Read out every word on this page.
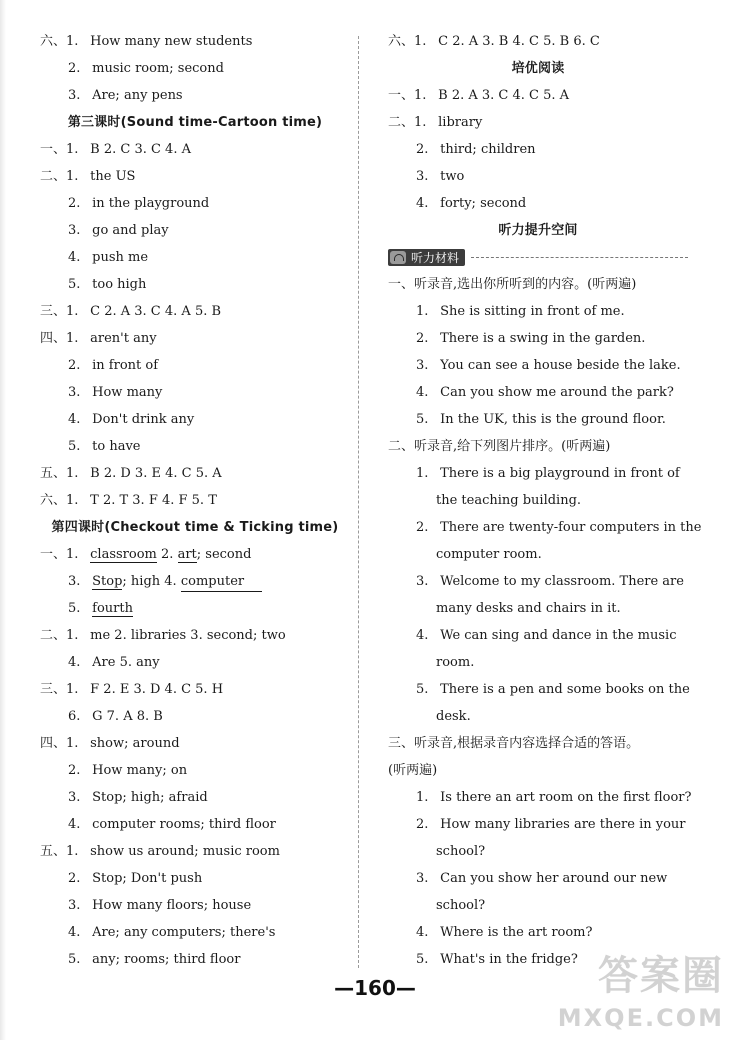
六、1. How many new students
2. music room; second
3. Are; any pens
第三课时(Sound time-Cartoon time)
一、1. B 2. C 3. C 4. A
二、1. the US
2. in the playground
3. go and play
4. push me
5. too high
三、1. C 2. A 3. C 4. A 5. B
四、1. aren't any
2. in front of
3. How many
4. Don't drink any
5. to have
五、1. B 2. D 3. E 4. C 5. A
六、1. T 2. T 3. F 4. F 5. T
第四课时(Checkout time & Ticking time)
一、1. classroom 2. art; second
3. Stop; high 4. computer
5. fourth
二、1. me 2. libraries 3. second; two
4. Are 5. any
三、1. F 2. E 3. D 4. C 5. H
6. G 7. A 8. B
四、1. show; around
2. How many; on
3. Stop; high; afraid
4. computer rooms; third floor
五、1. show us around; music room
2. Stop; Don't push
3. How many floors; house
4. Are; any computers; there's
5. any; rooms; third floor
六、1. C 2. A 3. B 4. C 5. B 6. C
培优阅读
一、1. B 2. A 3. C 4. C 5. A
二、1. library
2. third; children
3. two
4. forty; second
听力提升空间
听力材料
一、听录音,选出你所听到的内容。(听两遍)
1. She is sitting in front of me.
2. There is a swing in the garden.
3. You can see a house beside the lake.
4. Can you show me around the park?
5. In the UK, this is the ground floor.
二、听录音,给下列图片排序。(听两遍)
1. There is a big playground in front of
the teaching building.
2. There are twenty-four computers in the
computer room.
3. Welcome to my classroom. There are
many desks and chairs in it.
4. We can sing and dance in the music
room.
5. There is a pen and some books on the
desk.
三、听录音,根据录音内容选择合适的答语。
(听两遍)
1. Is there an art room on the first floor?
2. How many libraries are there in your
school?
3. Can you show her around our new
school?
4. Where is the art room?
5. What's in the fridge?
—160—	答案圈
MXQE.COM
